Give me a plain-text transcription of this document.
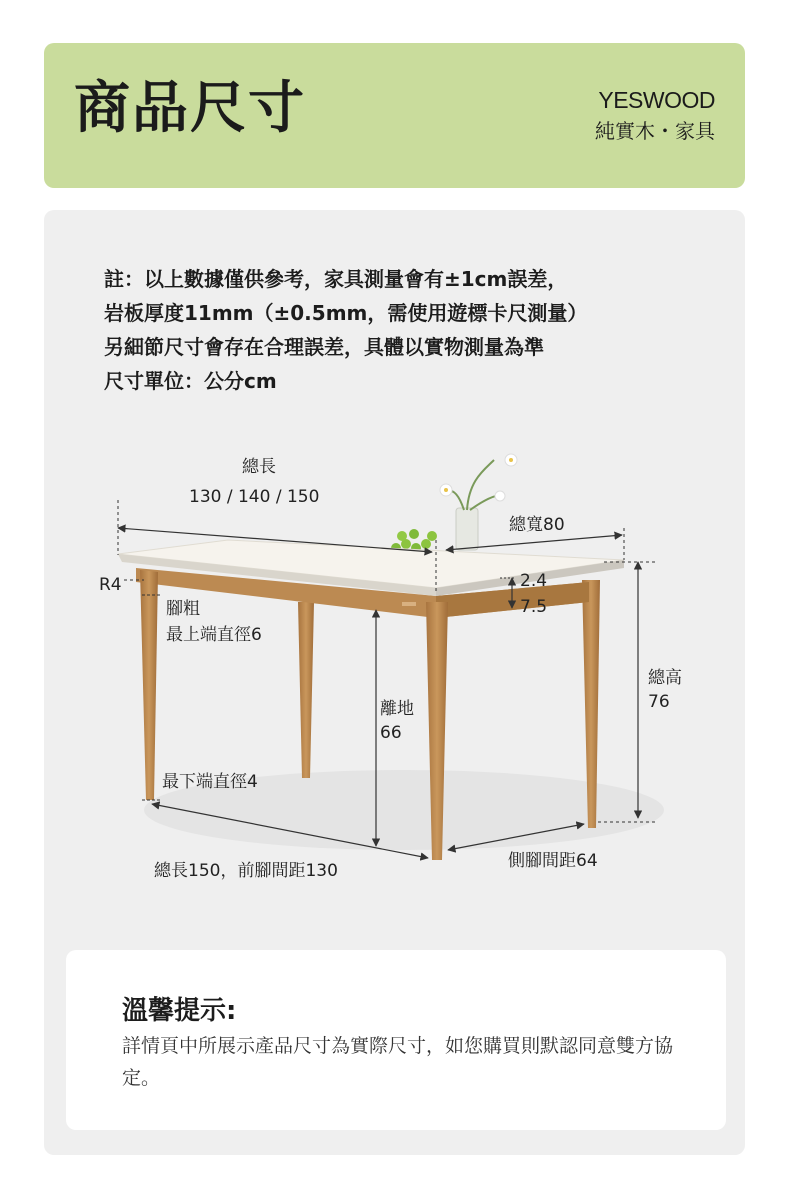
商品尺寸	YESWOOD
純實木・家具
註：以上數據僅供參考，家具測量會有±1cm誤差，
岩板厚度11mm（±0.5mm，需使用遊標卡尺測量）
另細節尺寸會存在合理誤差，具體以實物測量為準
尺寸單位：公分cm
總長
130 / 140 / 150
總寬80
R4
腳粗
最上端直徑6
2.4
7.5
離地
66
總高
76
最下端直徑4
總長150，前腳間距130	側腳間距64
溫馨提示:
詳情頁中所展示產品尺寸為實際尺寸，如您購買則默認同意雙方協定。
